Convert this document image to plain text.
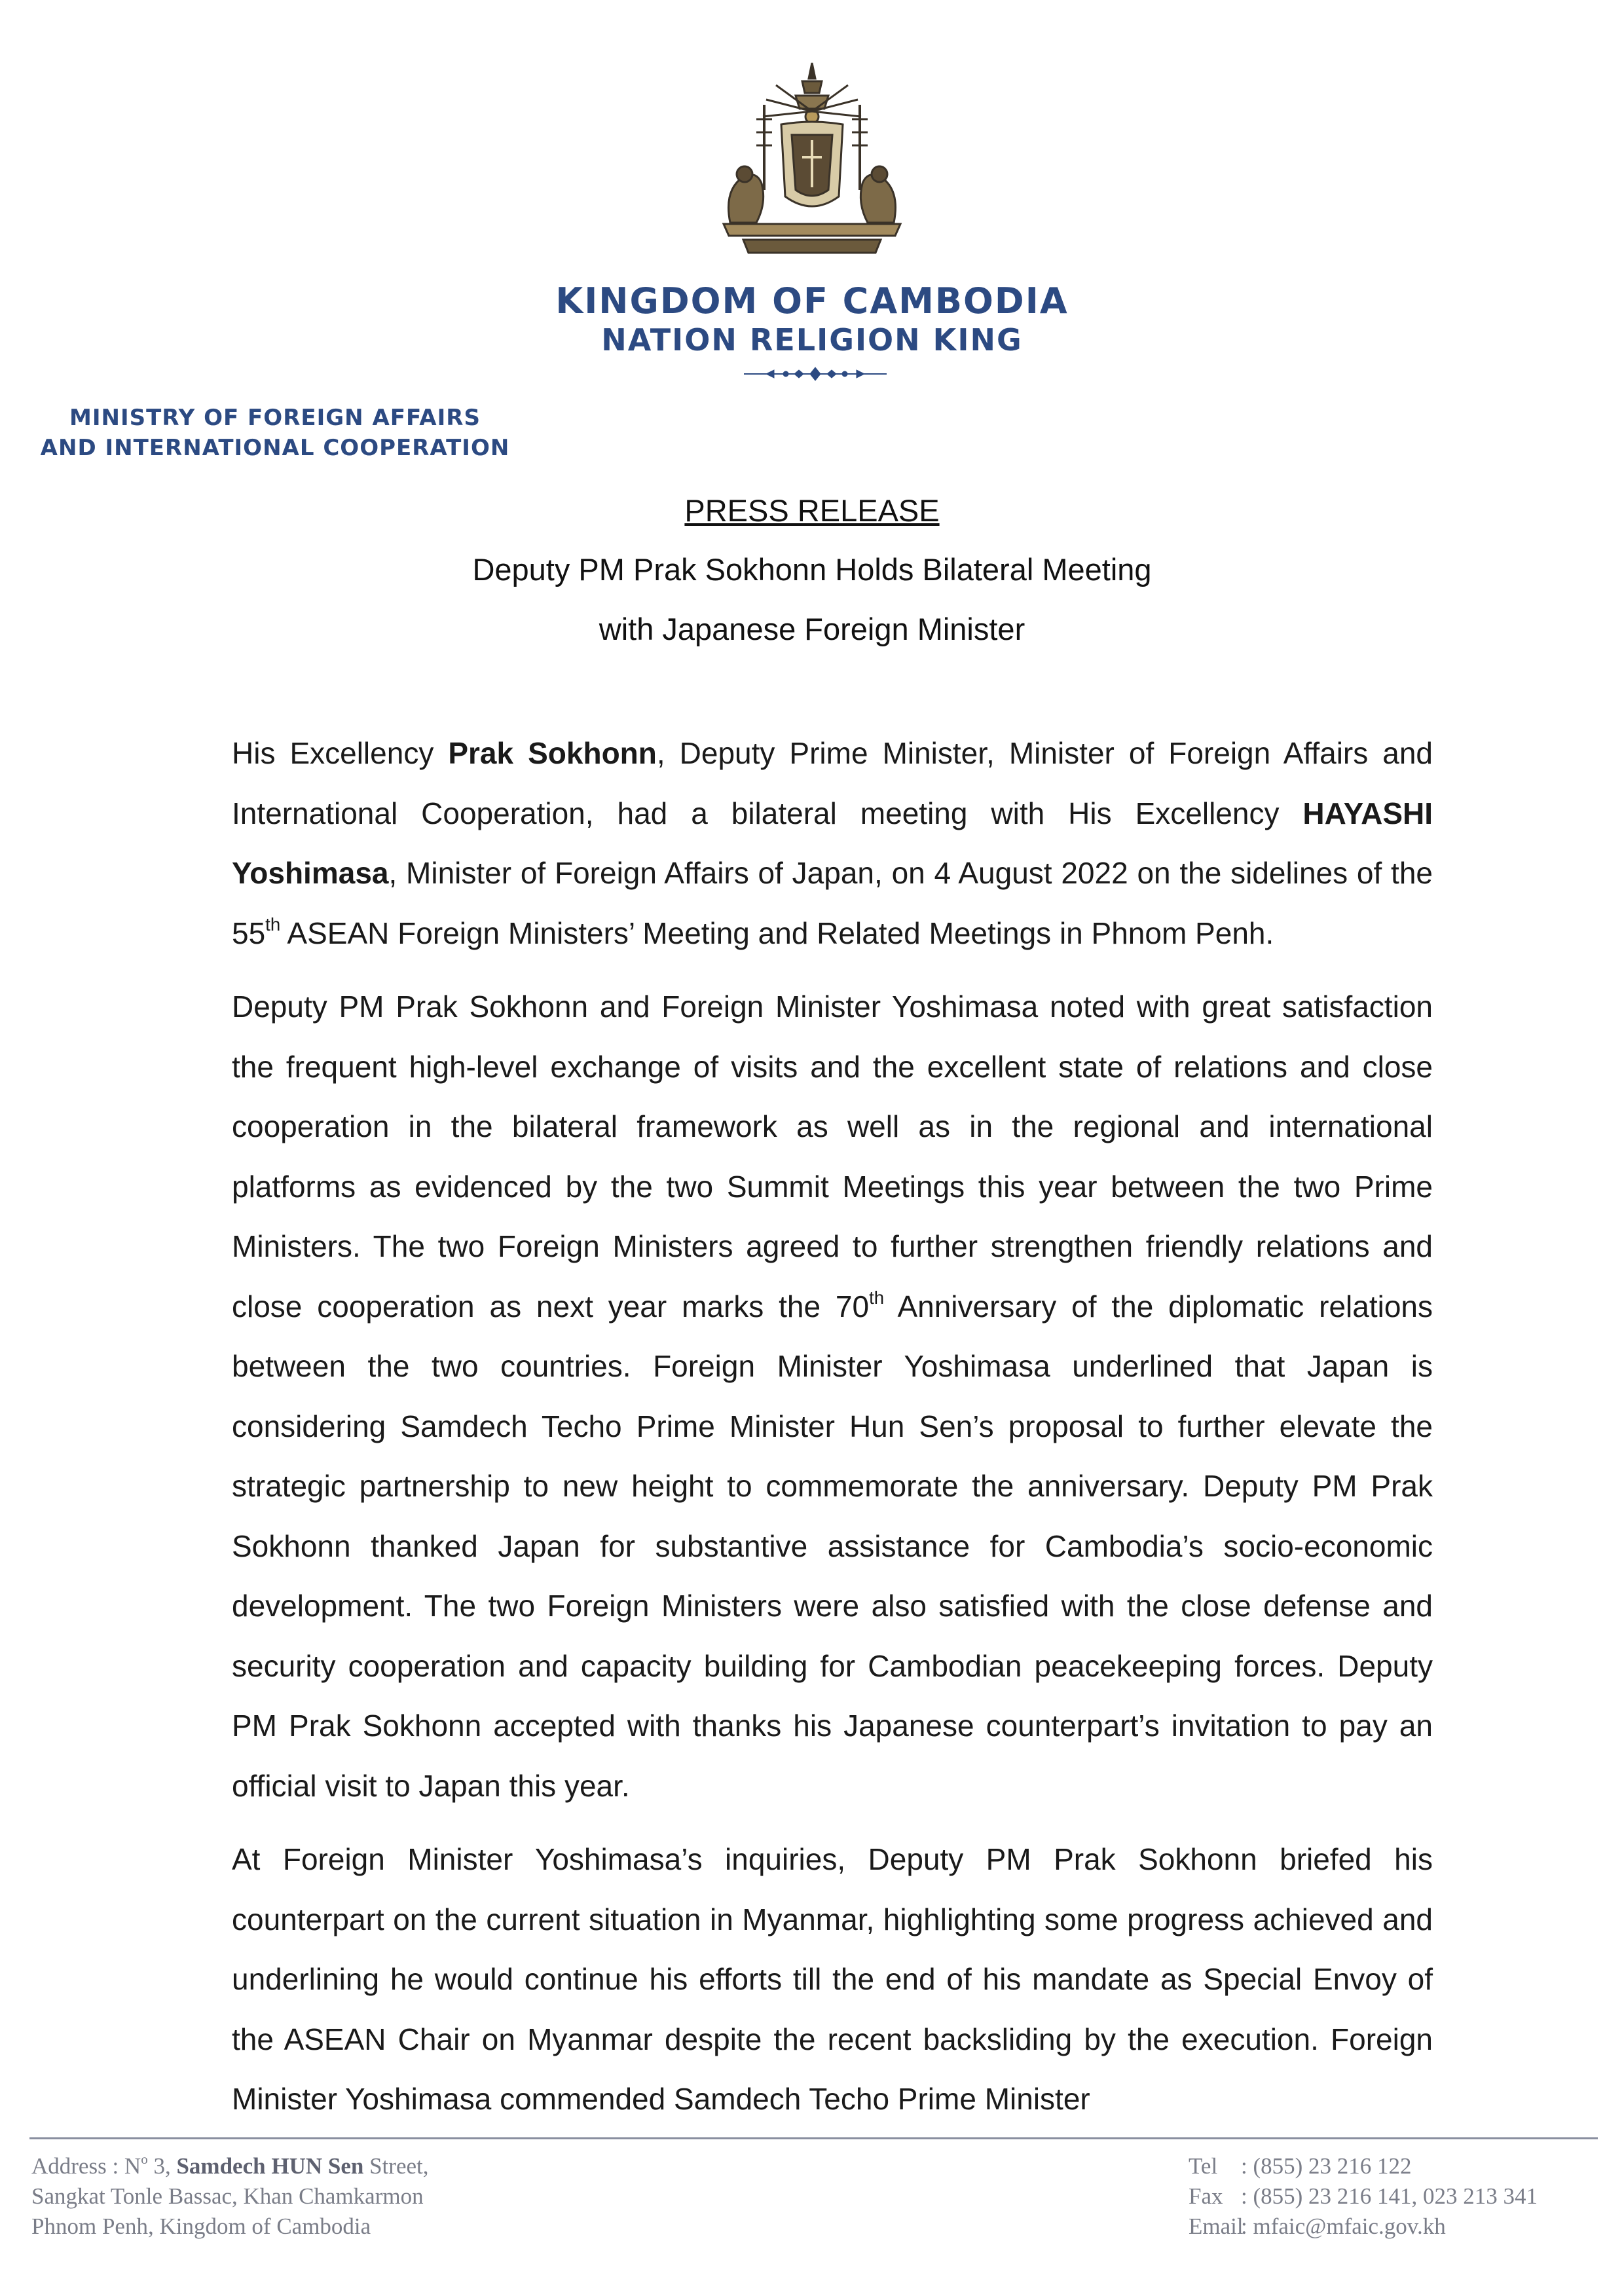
KINGDOM OF CAMBODIA
NATION RELIGION KING
MINISTRY OF FOREIGN AFFAIRS
AND INTERNATIONAL COOPERATION
PRESS RELEASE
Deputy PM Prak Sokhonn Holds Bilateral Meeting
with Japanese Foreign Minister

His Excellency Prak Sokhonn, Deputy Prime Minister, Minister of Foreign Affairs and International Cooperation, had a bilateral meeting with His Excellency HAYASHI Yoshimasa, Minister of Foreign Affairs of Japan, on 4 August 2022 on the sidelines of the 55th ASEAN Foreign Ministers’ Meeting and Related Meetings in Phnom Penh.

Deputy PM Prak Sokhonn and Foreign Minister Yoshimasa noted with great satisfaction the frequent high-level exchange of visits and the excellent state of relations and close cooperation in the bilateral framework as well as in the regional and international platforms as evidenced by the two Summit Meetings this year between the two Prime Ministers. The two Foreign Ministers agreed to further strengthen friendly relations and close cooperation as next year marks the 70th Anniversary of the diplomatic relations between the two countries. Foreign Minister Yoshimasa underlined that Japan is considering Samdech Techo Prime Minister Hun Sen’s proposal to further elevate the strategic partnership to new height to commemorate the anniversary. Deputy PM Prak Sokhonn thanked Japan for substantive assistance for Cambodia’s socio-economic development. The two Foreign Ministers were also satisfied with the close defense and security cooperation and capacity building for Cambodian peacekeeping forces. Deputy PM Prak Sokhonn accepted with thanks his Japanese counterpart’s invitation to pay an official visit to Japan this year.

At Foreign Minister Yoshimasa’s inquiries, Deputy PM Prak Sokhonn briefed his counterpart on the current situation in Myanmar, highlighting some progress achieved and underlining he would continue his efforts till the end of his mandate as Special Envoy of the ASEAN Chair on Myanmar despite the recent backsliding by the execution. Foreign Minister Yoshimasa commended Samdech Techo Prime Minister

Address : $N^o$ 3, Samdech HUN Sen Street,
Sangkat Tonle Bassac, Khan Chamkarmon
Phnom Penh, Kingdom of Cambodia
Tel : (855) 23 216 122
Fax : (855) 23 216 141, 023 213 341
Email: mfaic@mfaic.gov.kh
